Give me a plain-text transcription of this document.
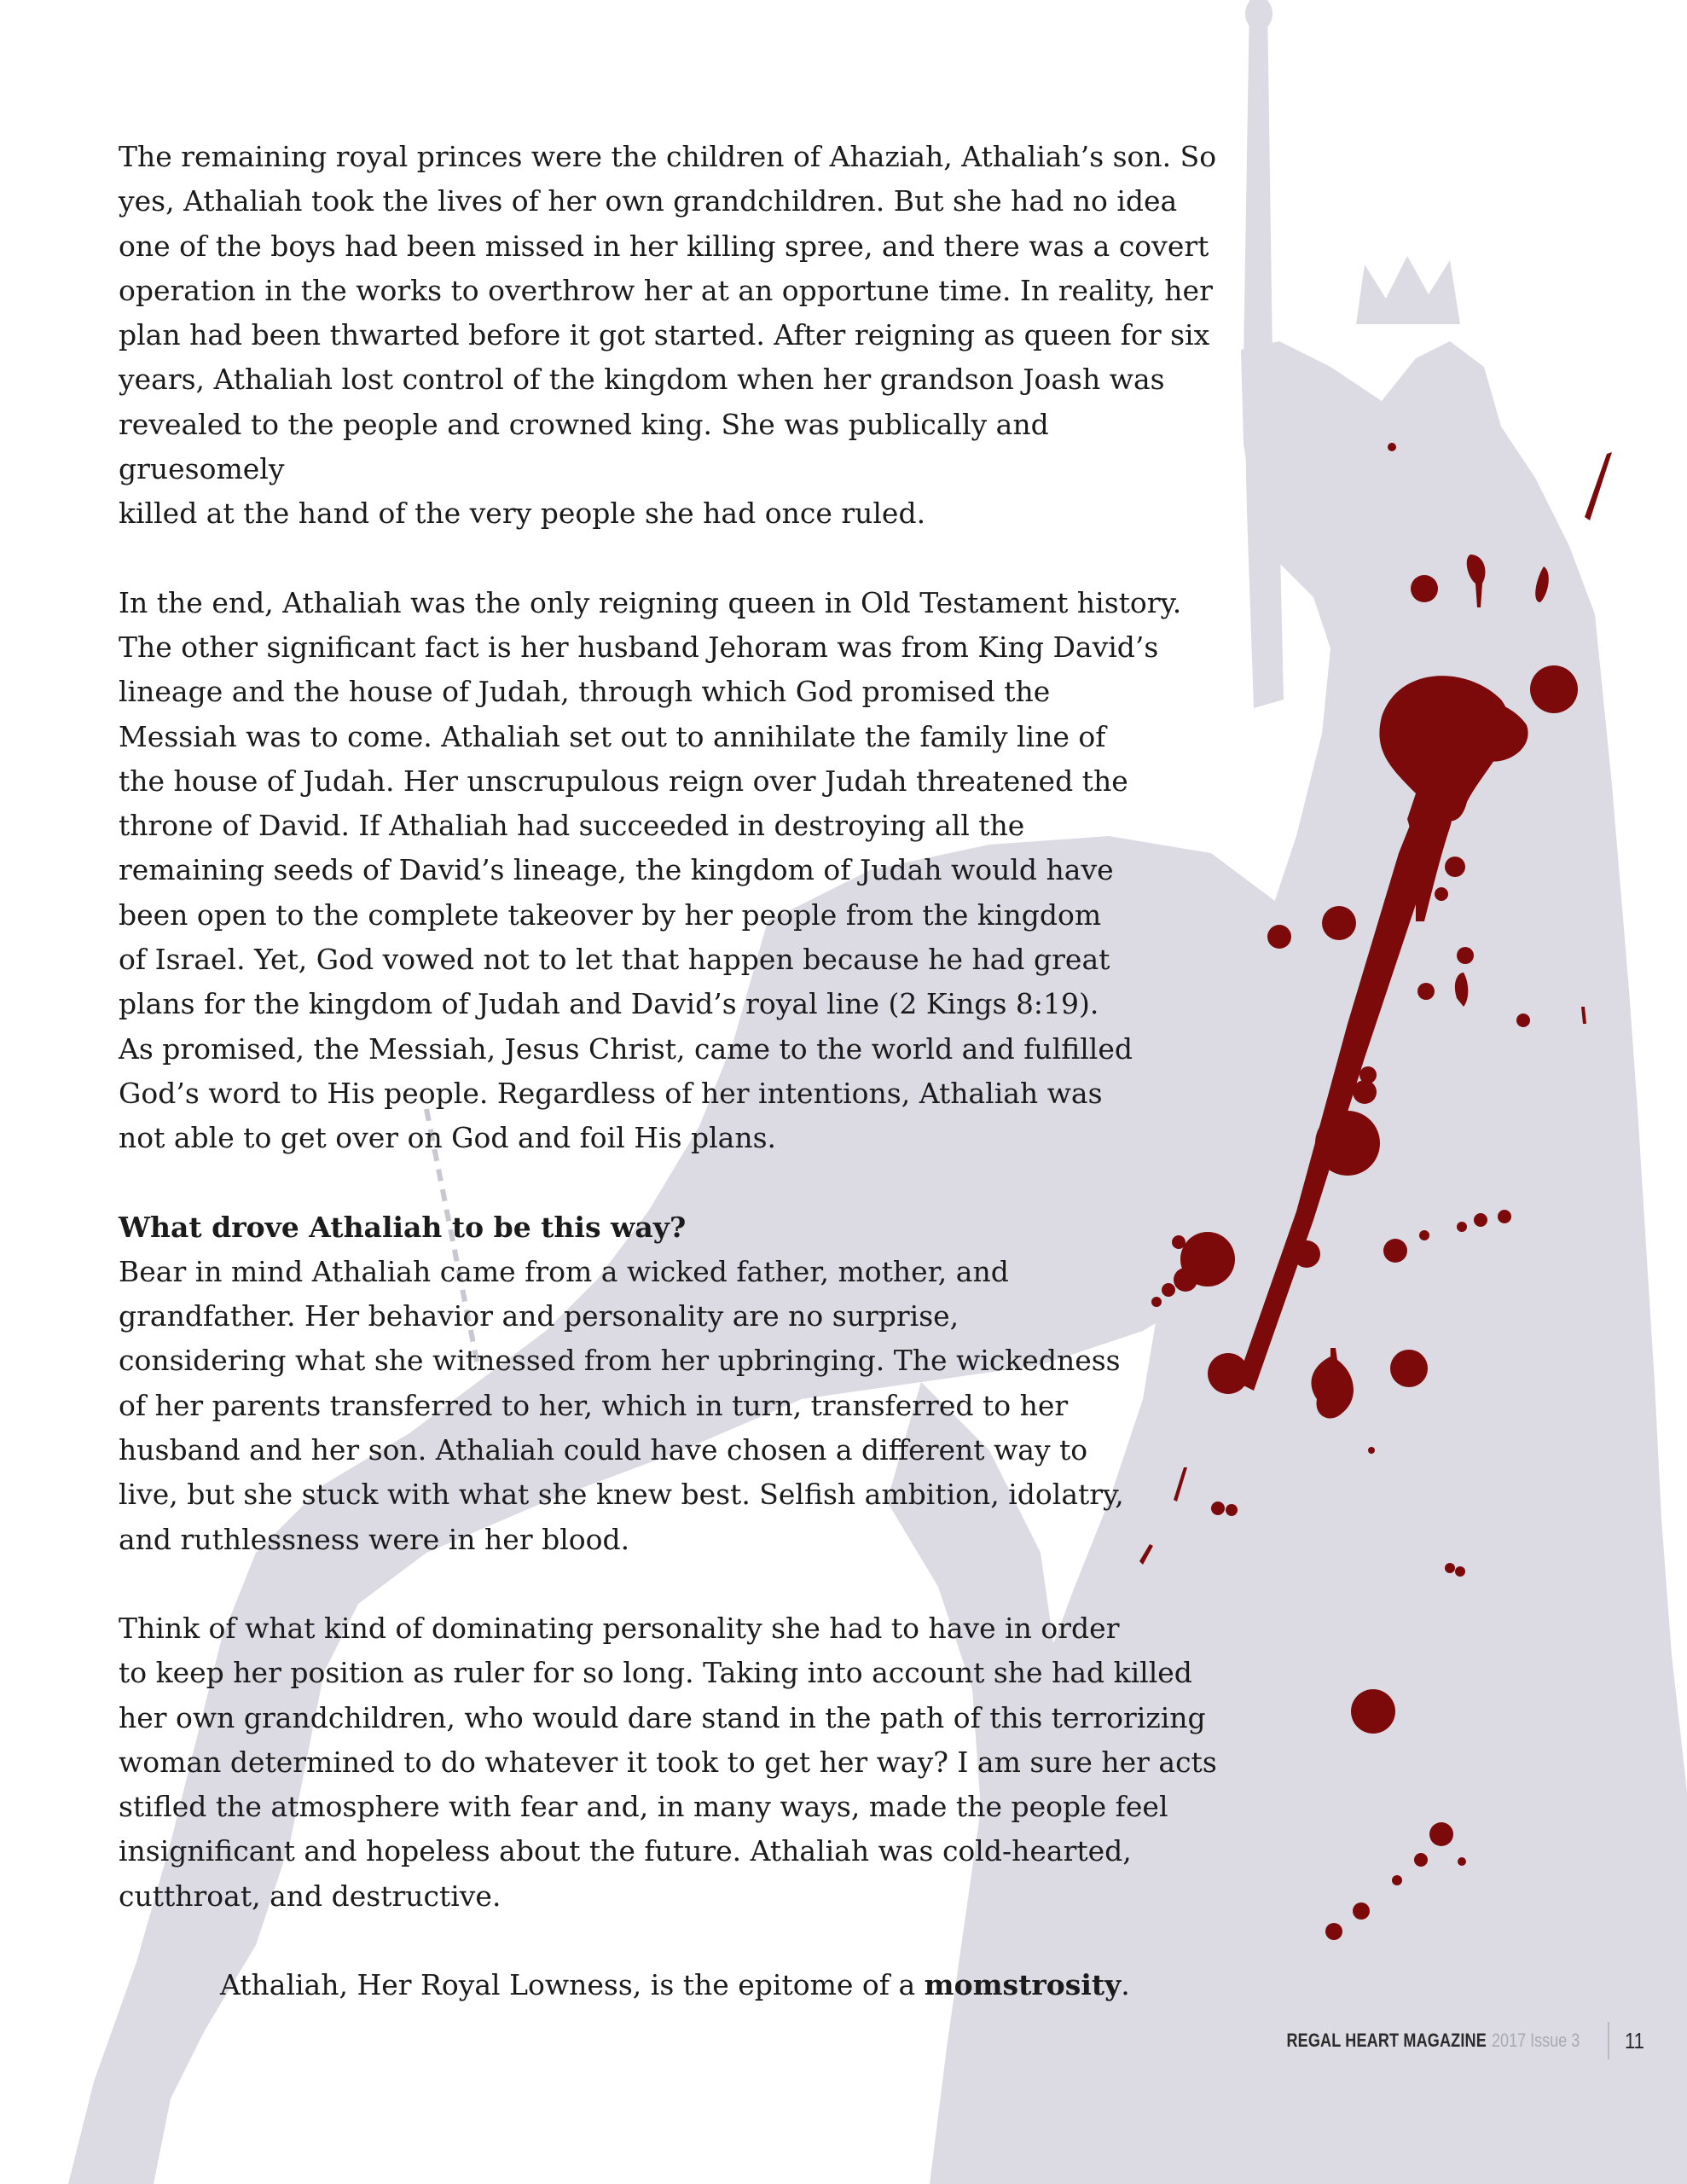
The remaining royal princes were the children of Ahaziah, Athaliah’s son. So
yes, Athaliah took the lives of her own grandchildren. But she had no idea
one of the boys had been missed in her killing spree, and there was a covert
operation in the works to overthrow her at an opportune time. In reality, her
plan had been thwarted before it got started. After reigning as queen for six
years, Athaliah lost control of the kingdom when her grandson Joash was
revealed to the people and crowned king. She was publically and gruesomely
killed at the hand of the very people she had once ruled.

In the end, Athaliah was the only reigning queen in Old Testament history.
The other significant fact is her husband Jehoram was from King David’s
lineage and the house of Judah, through which God promised the
Messiah was to come. Athaliah set out to annihilate the family line of
the house of Judah. Her unscrupulous reign over Judah threatened the
throne of David. If Athaliah had succeeded in destroying all the
remaining seeds of David’s lineage, the kingdom of Judah would have
been open to the complete takeover by her people from the kingdom
of Israel. Yet, God vowed not to let that happen because he had great
plans for the kingdom of Judah and David’s royal line (2 Kings 8:19).
As promised, the Messiah, Jesus Christ, came to the world and fulfilled
God’s word to His people. Regardless of her intentions, Athaliah was
not able to get over on God and foil His plans.

What drove Athaliah to be this way?
Bear in mind Athaliah came from a wicked father, mother, and
grandfather. Her behavior and personality are no surprise,
considering what she witnessed from her upbringing. The wickedness
of her parents transferred to her, which in turn, transferred to her
husband and her son. Athaliah could have chosen a different way to
live, but she stuck with what she knew best. Selfish ambition, idolatry,
and ruthlessness were in her blood.

Think of what kind of dominating personality she had to have in order
to keep her position as ruler for so long. Taking into account she had killed
her own grandchildren, who would dare stand in the path of this terrorizing
woman determined to do whatever it took to get her way? I am sure her acts
stifled the atmosphere with fear and, in many ways, made the people feel
insignificant and hopeless about the future. Athaliah was cold-hearted,
cutthroat, and destructive.

Athaliah, Her Royal Lowness, is the epitome of a momstrosity.

REGAL HEART MAGAZINE 2017 Issue 3 11
